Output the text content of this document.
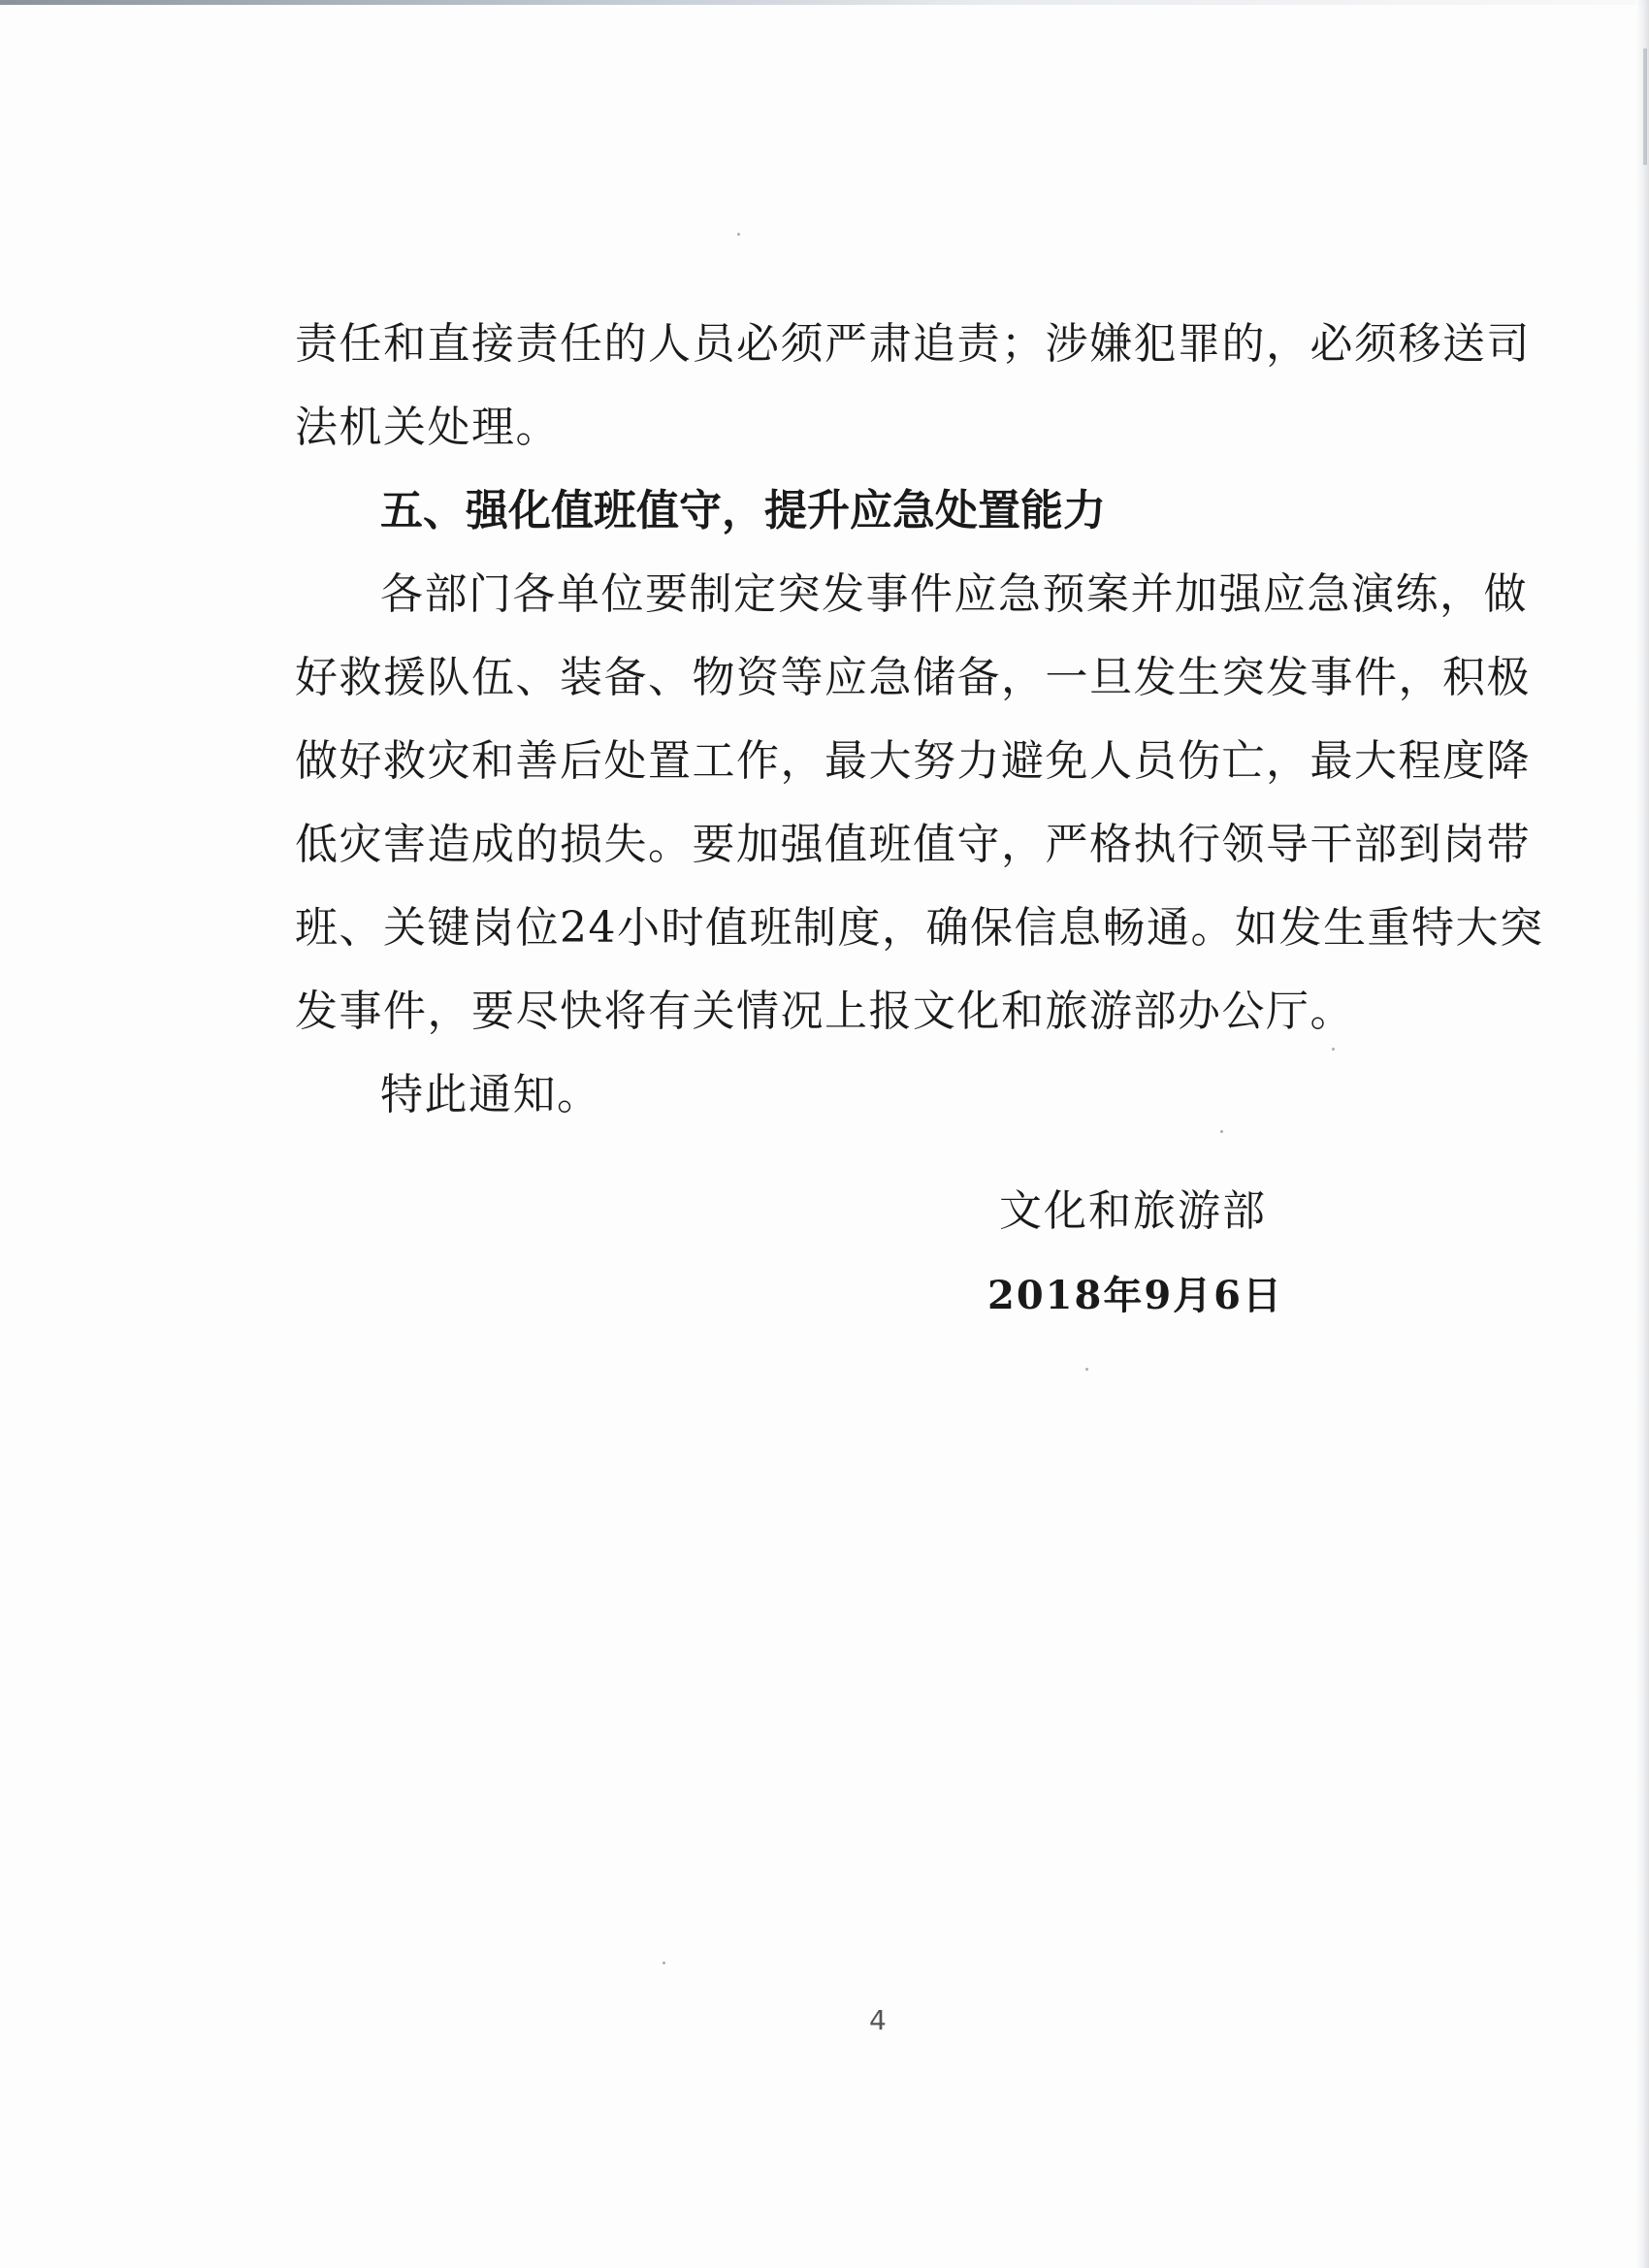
责任和直接责任的人员必须严肃追责；涉嫌犯罪的，必须移送司
法机关处理。
五、强化值班值守，提升应急处置能力
各部门各单位要制定突发事件应急预案并加强应急演练，做
好救援队伍、装备、物资等应急储备，一旦发生突发事件，积极
做好救灾和善后处置工作，最大努力避免人员伤亡，最大程度降
低灾害造成的损失。要加强值班值守，严格执行领导干部到岗带
班、关键岗位24小时值班制度，确保信息畅通。如发生重特大突
发事件，要尽快将有关情况上报文化和旅游部办公厅。
特此通知。
文化和旅游部
2018年9月6日
4
